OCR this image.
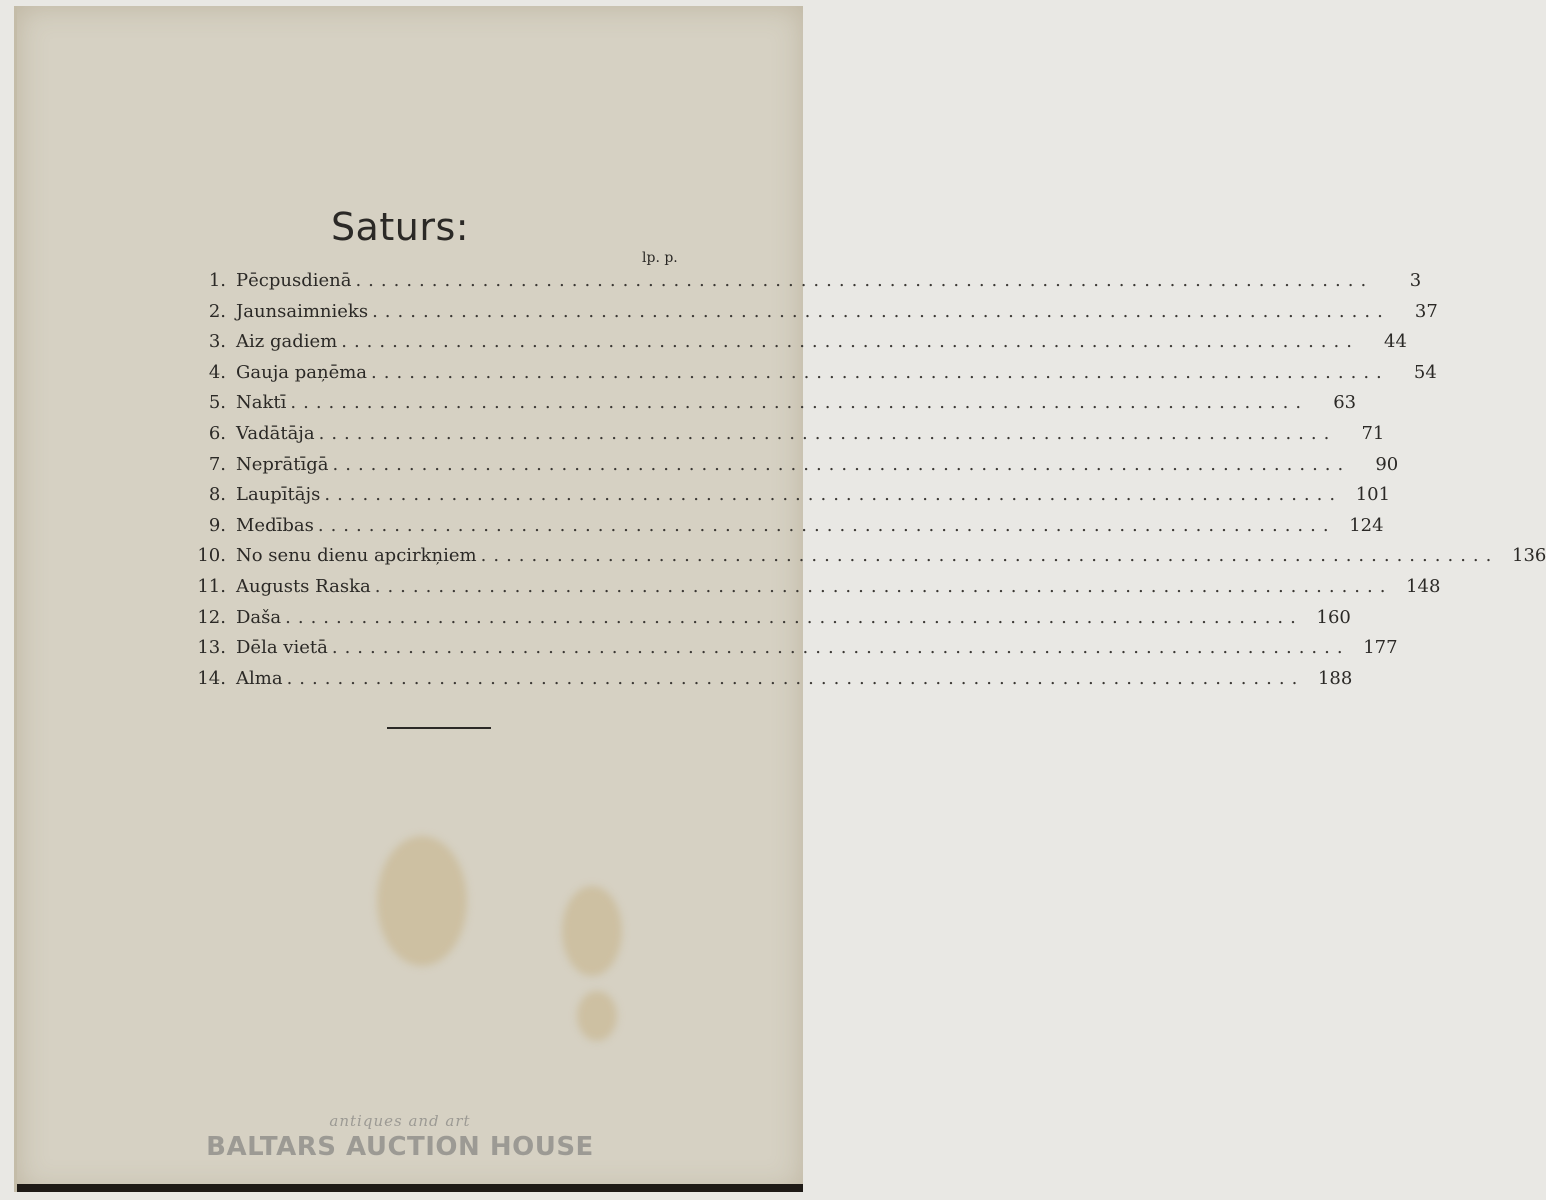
Saturs:
lp. p.
1. Pēcpusdienā ................................................................................	3
2. Jaunsaimnieks ................................................................................	37
3. Aiz gadiem ................................................................................	44
4. Gauja paņēma ................................................................................	54
5. Naktī ................................................................................	63
6. Vadātāja ................................................................................	71
7. Neprātīgā ................................................................................	90
8. Laupītājs ................................................................................ 101
9. Medības ................................................................................ 124
10. No senu dienu apcirkņiem ................................................................................ 136
11. Augusts Raska ................................................................................ 148
12. Daša ................................................................................ 160
13. Dēla vietā ................................................................................ 177
14. Alma ................................................................................ 188
antiques and art
BALTARS AUCTION HOUSE
